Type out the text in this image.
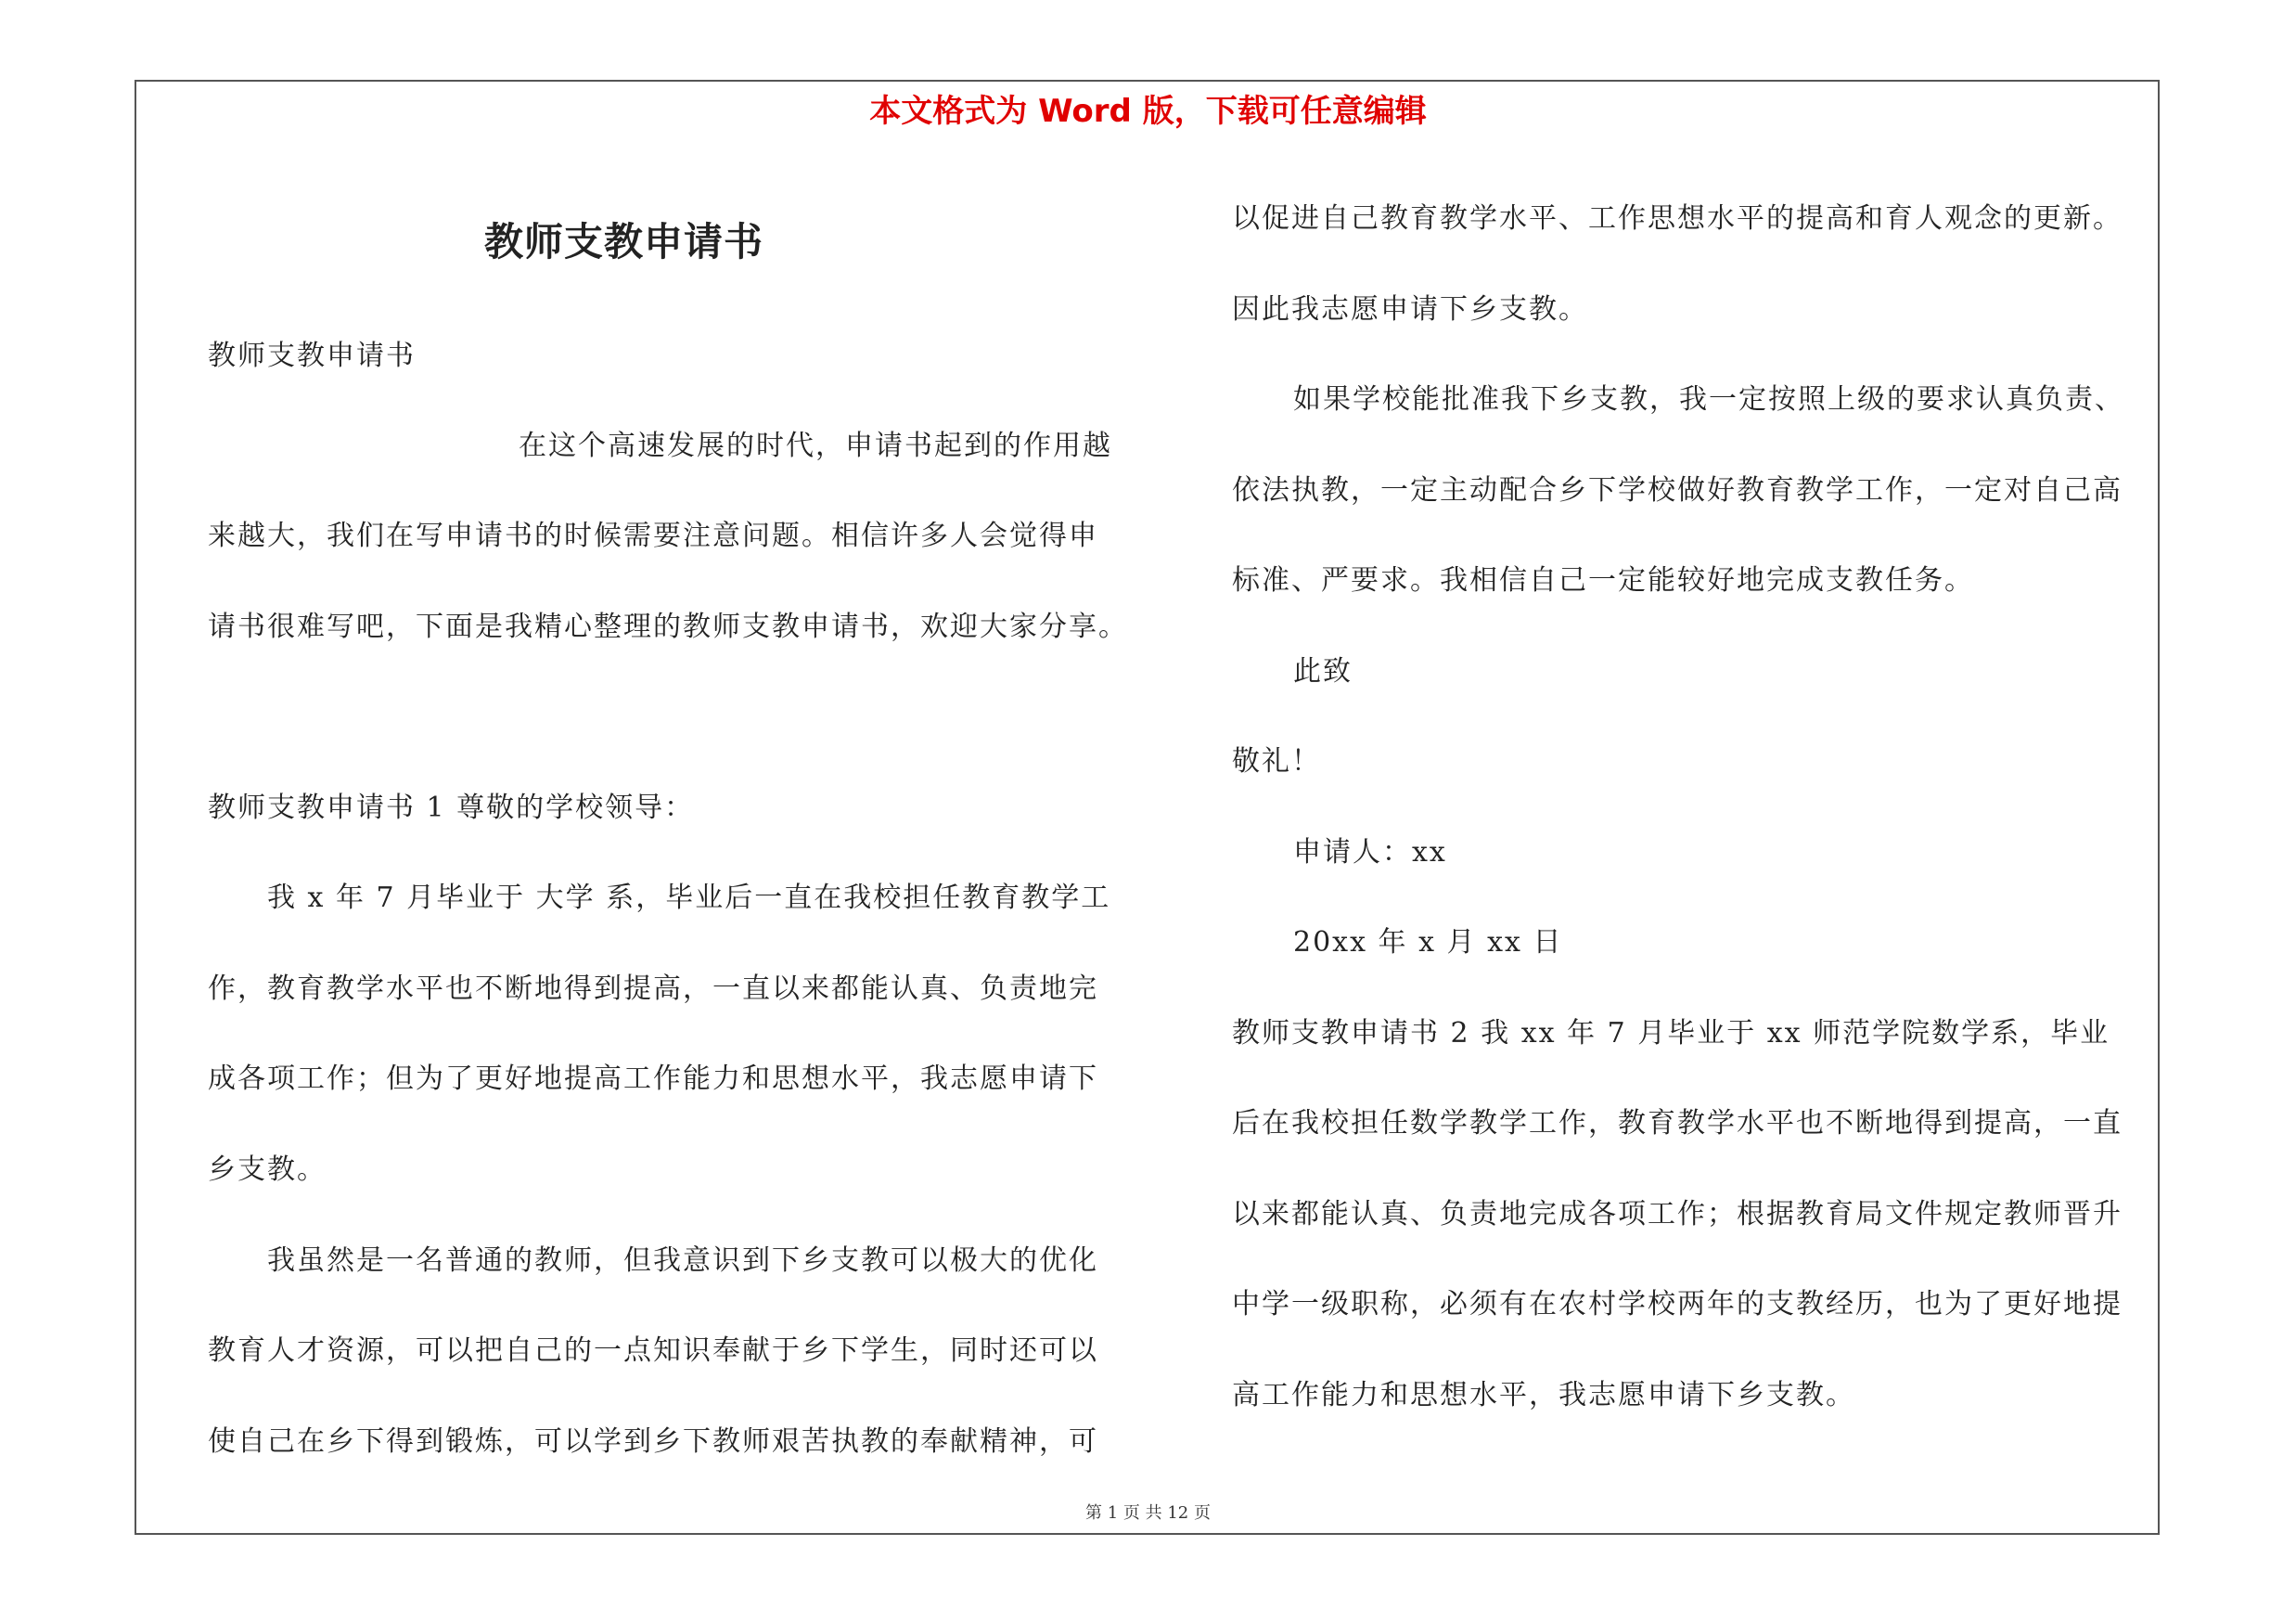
本文格式为 Word 版，下载可任意编辑
教师支教申请书
教师支教申请书
在这个高速发展的时代，申请书起到的作用越
来越大，我们在写申请书的时候需要注意问题。相信许多人会觉得申
请书很难写吧，下面是我精心整理的教师支教申请书，欢迎大家分享。
教师支教申请书 1 尊敬的学校领导：
我 x 年 7 月毕业于 大学 系，毕业后一直在我校担任教育教学工
作，教育教学水平也不断地得到提高，一直以来都能认真、负责地完
成各项工作；但为了更好地提高工作能力和思想水平，我志愿申请下
乡支教。
我虽然是一名普通的教师，但我意识到下乡支教可以极大的优化
教育人才资源，可以把自己的一点知识奉献于乡下学生，同时还可以
使自己在乡下得到锻炼，可以学到乡下教师艰苦执教的奉献精神，可
以促进自己教育教学水平、工作思想水平的提高和育人观念的更新。
因此我志愿申请下乡支教。
如果学校能批准我下乡支教，我一定按照上级的要求认真负责、
依法执教，一定主动配合乡下学校做好教育教学工作，一定对自己高
标准、严要求。我相信自己一定能较好地完成支教任务。
此致
敬礼！
申请人：xx
20xx 年 x 月 xx 日
教师支教申请书 2 我 xx 年 7 月毕业于 xx 师范学院数学系，毕业
后在我校担任数学教学工作，教育教学水平也不断地得到提高，一直
以来都能认真、负责地完成各项工作；根据教育局文件规定教师晋升
中学一级职称，必须有在农村学校两年的支教经历，也为了更好地提
高工作能力和思想水平，我志愿申请下乡支教。
第 1 页 共 12 页
